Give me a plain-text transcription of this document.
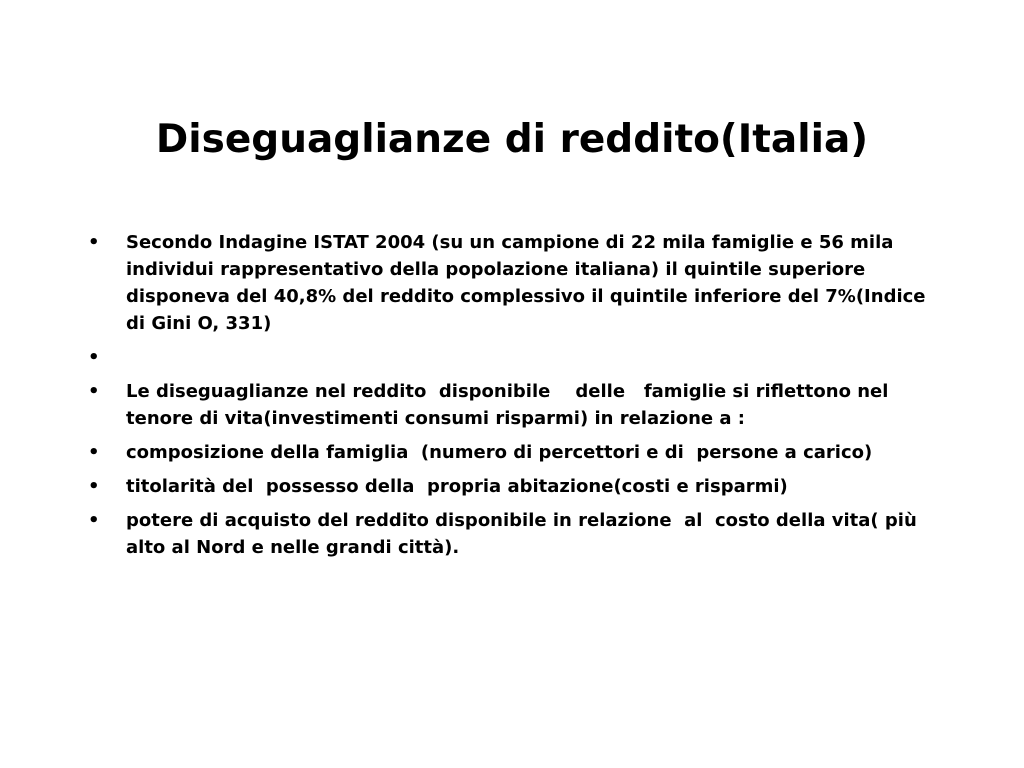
Diseguaglianze di reddito(Italia)
•	Secondo Indagine ISTAT 2004 (su un campione di 22 mila famiglie e 56 mila individui rappresentativo della popolazione italiana) il quintile superiore disponeva del 40,8% del reddito complessivo il quintile inferiore del 7%(Indice di Gini O, 331)
•
•	Le diseguaglianze nel reddito  disponibile    delle   famiglie si riflettono nel tenore di vita(investimenti consumi risparmi) in relazione a :
•	composizione della famiglia  (numero di percettori e di  persone a carico)
•	titolarità del  possesso della  propria abitazione(costi e risparmi)
•	potere di acquisto del reddito disponibile in relazione  al  costo della vita( più alto al Nord e nelle grandi città).
